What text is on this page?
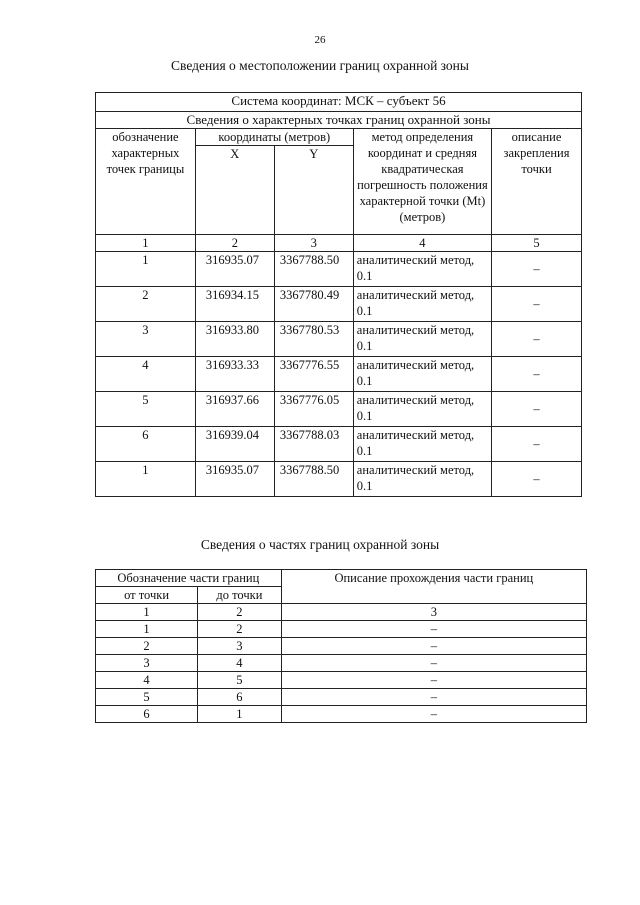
26
Сведения о местоположении границ охранной зоны
Система координат: МСК – субъект 56				
Сведения о характерных точках границ охранной зоны				
обозначение характерных точек границы	координаты (метров)		метод определения координат и средняя квадратическая погрешность положения характерной точки (Mt) (метров)	описание закрепления точки
	X	Y		
1	2	3	4	5
1	316935.07	3367788.50	аналитический метод, 0.1	–
2	316934.15	3367780.49	аналитический метод, 0.1	–
3	316933.80	3367780.53	аналитический метод, 0.1	–
4	316933.33	3367776.55	аналитический метод, 0.1	–
5	316937.66	3367776.05	аналитический метод, 0.1	–
6	316939.04	3367788.03	аналитический метод, 0.1	–
1	316935.07	3367788.50	аналитический метод, 0.1	–
Сведения о частях границ охранной зоны
Обозначение части границ		Описание прохождения части границ
от точки	до точки	
1	2	3
1	2	–
2	3	–
3	4	–
4	5	–
5	6	–
6	1	–
